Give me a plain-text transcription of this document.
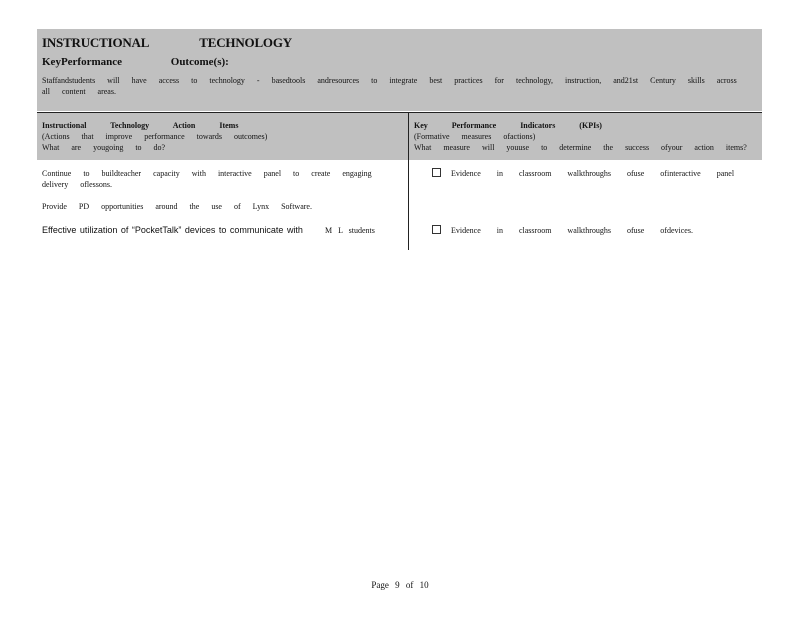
INSTRUCTIONAL TECHNOLOGY
KeyPerformance Outcome(s):
Staffandstudents will have access to technology - basedtools andresources to integrate best practices for technology, instruction, and21st Century skills across all content areas.
Instructional Technology Action Items
(Actions that improve performance towards outcomes)
What are yougoing to do?
Key Performance Indicators (KPIs)
(Formative measures ofactions)
What measure will youuse to determine the success ofyour action items?
Continue to buildteacher capacity with interactive panel to create engaging delivery oflessons.
Provide PD opportunities around the use of Lynx Software.
Effective utilization of “PocketTalk” devices to communicate with	M L students
Evidence in classroom walkthroughs ofuse ofinteractive panel
Evidence in classroom walkthroughs ofuse ofdevices.
Page 9 of 10
